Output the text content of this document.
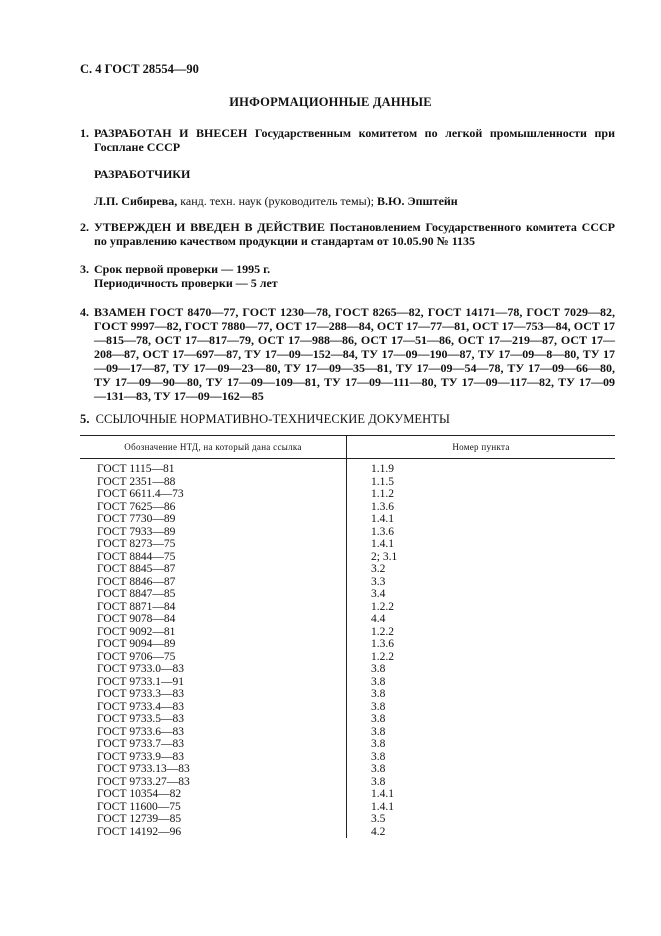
С. 4 ГОСТ 28554—90
ИНФОРМАЦИОННЫЕ ДАННЫЕ
1. РАЗРАБОТАН И ВНЕСЕН Государственным комитетом по легкой промышленности при Госплане СССР
РАЗРАБОТЧИКИ
Л.П. Сибирева, канд. техн. наук (руководитель темы); В.Ю. Эпштейн
2. УТВЕРЖДЕН И ВВЕДЕН В ДЕЙСТВИЕ Постановлением Государственного комитета СССР по управлению качеством продукции и стандартам от 10.05.90 № 1135
3. Срок первой проверки — 1995 г.
Периодичность проверки — 5 лет
4. ВЗАМЕН ГОСТ 8470—77, ГОСТ 1230—78, ГОСТ 8265—82, ГОСТ 14171—78, ГОСТ 7029—82, ГОСТ 9997—82, ГОСТ 7880—77, ОСТ 17—288—84, ОСТ 17—77—81, ОСТ 17—753—84, ОСТ 17—815—78, ОСТ 17—817—79, ОСТ 17—988—86, ОСТ 17—51—86, ОСТ 17—219—87, ОСТ 17—208—87, ОСТ 17—697—87, ТУ 17—09—152—84, ТУ 17—09—190—87, ТУ 17—09—8—80, ТУ 17—09—17—87, ТУ 17—09—23—80, ТУ 17—09—35—81, ТУ 17—09—54—78, ТУ 17—09—66—80, ТУ 17—09—90—80, ТУ 17—09—109—81, ТУ 17—09—111—80, ТУ 17—09—117—82, ТУ 17—09—131—83, ТУ 17—09—162—85
5. ССЫЛОЧНЫЕ НОРМАТИВНО-ТЕХНИЧЕСКИЕ ДОКУМЕНТЫ
Обозначение НТД, на который дана ссылка	Номер пункта
ГОСТ 1115—81	1.1.9
ГОСТ 2351—88	1.1.5
ГОСТ 6611.4—73	1.1.2
ГОСТ 7625—86	1.3.6
ГОСТ 7730—89	1.4.1
ГОСТ 7933—89	1.3.6
ГОСТ 8273—75	1.4.1
ГОСТ 8844—75	2; 3.1
ГОСТ 8845—87	3.2
ГОСТ 8846—87	3.3
ГОСТ 8847—85	3.4
ГОСТ 8871—84	1.2.2
ГОСТ 9078—84	4.4
ГОСТ 9092—81	1.2.2
ГОСТ 9094—89	1.3.6
ГОСТ 9706—75	1.2.2
ГОСТ 9733.0—83	3.8
ГОСТ 9733.1—91	3.8
ГОСТ 9733.3—83	3.8
ГОСТ 9733.4—83	3.8
ГОСТ 9733.5—83	3.8
ГОСТ 9733.6—83	3.8
ГОСТ 9733.7—83	3.8
ГОСТ 9733.9—83	3.8
ГОСТ 9733.13—83	3.8
ГОСТ 9733.27—83	3.8
ГОСТ 10354—82	1.4.1
ГОСТ 11600—75	1.4.1
ГОСТ 12739—85	3.5
ГОСТ 14192—96	4.2
